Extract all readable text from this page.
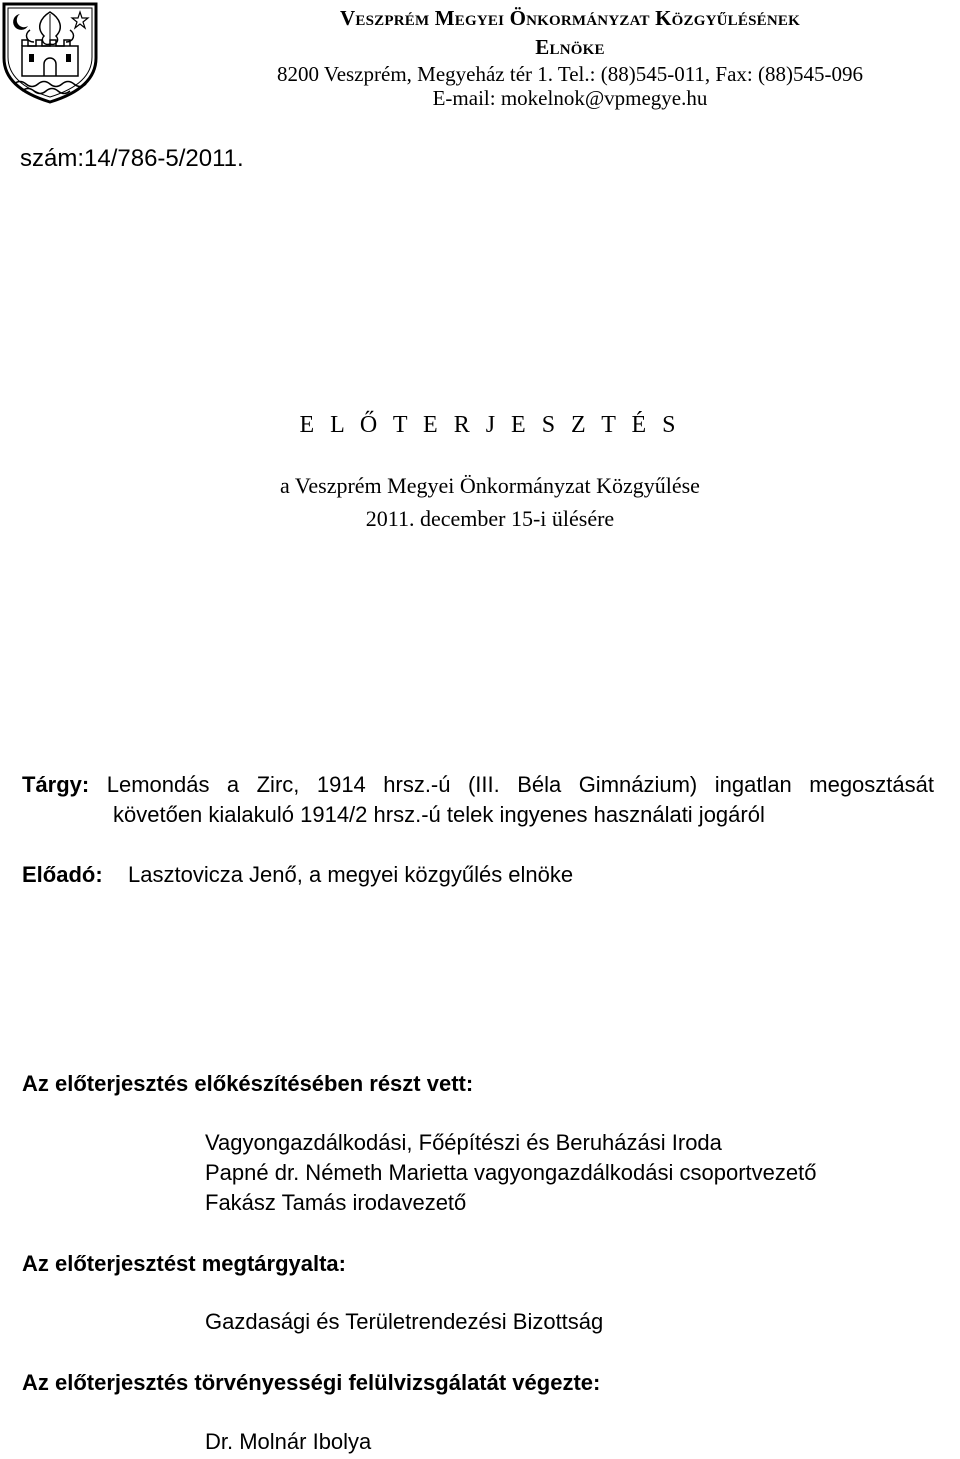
Veszprém Megyei Önkormányzat Közgyűlésének
Elnöke
8200 Veszprém, Megyeház tér 1. Tel.: (88)545-011, Fax: (88)545-096
E-mail: mokelnok@vpmegye.hu
szám:14/786-5/2011.
E L Ő T E R J E S Z T É S
a Veszprém Megyei Önkormányzat Közgyűlése
2011. december 15-i ülésére
Tárgy: Lemondás a Zirc, 1914 hrsz.-ú (III. Béla Gimnázium) ingatlan megosztását
követően kialakuló 1914/2 hrsz.-ú telek ingyenes használati jogáról
Előadó: Lasztovicza Jenő, a megyei közgyűlés elnöke
Az előterjesztés előkészítésében részt vett:
Vagyongazdálkodási, Főépítészi és Beruházási Iroda
Papné dr. Németh Marietta vagyongazdálkodási csoportvezető
Fakász Tamás irodavezető
Az előterjesztést megtárgyalta:
Gazdasági és Területrendezési Bizottság
Az előterjesztés törvényességi felülvizsgálatát végezte:
Dr. Molnár Ibolya
